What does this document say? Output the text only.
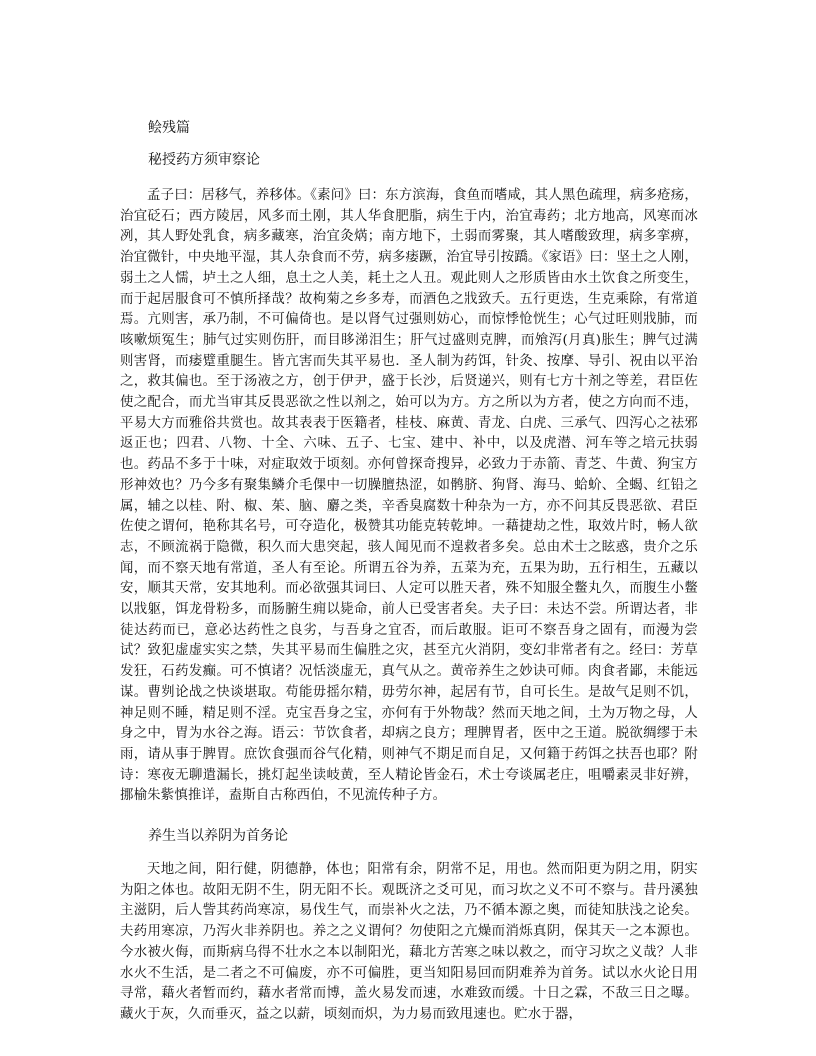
鲙残篇
秘授药方须审察论

孟子曰：居移气，养移体。《素问》曰：东方滨海，食鱼而嗜咸，其人黑色疏理，病多疮疡，治宜砭石；西方陵居，风多而土刚，其人华食肥脂，病生于内，治宜毒药；北方地高，风寒而冰冽，其人野处乳食，病多藏寒，治宜灸焫；南方地下，土弱而雾聚，其人嗜酸致理，病多挛痹，治宜微针，中央地平湿，其人杂食而不劳，病多痿蹶，治宜导引按蹻。《家语》曰：坚土之人刚，弱土之人懦，垆土之人细，息土之人美，耗土之人丑。观此则人之形质皆由水土饮食之所变生，而于起居服食可不慎所择哉？故枸菊之乡多寿，而酒色之戕致夭。五行更迭，生克乘除，有常道焉。亢则害，承乃制，不可偏倚也。是以肾气过强则妨心，而惊悸怆恍生；心气过旺则戕肺，而咳嗽烦冤生；肺气过实则伤肝，而目眵涕泪生；肝气过盛则克脾，而飧泻(月真)胀生；脾气过满则害肾，而痿躄重腿生。皆亢害而失其平易也．圣人制为药饵，针灸、按摩、导引、祝由以平治之，救其偏也。至于汤液之方，创于伊尹，盛于长沙，后贤递兴，则有七方十剂之等差，君臣佐使之配合，而尤当审其反畏恶欲之性以剂之，始可以为方。方之所以为方者，使之方向而不违，平易大方而雅俗共赏也。故其表表于医籍者，桂枝、麻黄、青龙、白虎、三承气、四泻心之祛邪返正也；四君、八物、十全、六味、五子、七宝、建中、补中，以及虎潜、河车等之培元扶弱也。药品不多于十味，对症取效于顷刻。亦何曾探奇搜异，必致力于赤箭、青芝、牛黄、狗宝方形神效也？乃今多有聚集鳞介毛倮中一切臊膻热涩，如鹘脐、狗肾、海马、蛤蚧、全蝎、红铅之属，辅之以桂、附、椒、茱、脑、麝之类，辛香臭腐数十种杂为一方，亦不问其反畏恶欲、君臣佐使之谓何，艳称其名号，可夺造化，极赞其功能克转乾坤。一藉捷劫之性，取效片时，畅人欲志，不顾流祸于隐微，积久而大患突起，骇人闻见而不遑救者多矣。总由术士之眩惑，贵介之乐闻，而不察天地有常道，圣人有至论。所谓五谷为养，五菜为充，五果为助，五行相生，五藏以安，顺其天常，安其地利。而必欲强其词曰、人定可以胜天者，殊不知服全鳖丸久，而腹生小鳖以戕躯，饵龙骨粉多，而肠腑生痈以毙命，前人已受害者矣。夫子曰：未达不尝。所谓达者，非徒达药而已，意必达药性之良劣，与吾身之宜否，而后敢服。讵可不察吾身之固有，而漫为尝试？致犯虚虚实实之禁，失其平易而生偏胜之灾，甚至亢火消阴，变幻非常者有之。经曰：芳草发狂，石药发癫。可不慎诸？况恬淡虚无，真气从之。黄帝养生之妙诀可师。肉食者鄙，未能远谋。曹刿论战之快谈堪取。苟能毋摇尔精，毋劳尔神，起居有节，自可长生。是故气足则不饥，神足则不睡，精足则不淫。克宝吾身之宝，亦何有于外物哉？然而天地之间，土为万物之母，人身之中，胃为水谷之海。语云：节饮食者，却病之良方；理脾胃者，医中之王道。脱欲绸缪于未雨，请从事于脾胃。庶饮食强而谷气化精，则神气不期足而自足，又何籍于药饵之扶吾也耶？附诗：寒夜无聊遣漏长，挑灯起坐读岐黄，至人精论皆金石，术士夸谈属老庄，咀嚼素灵非好辨，挪榆朱紫慎推详，盍斯自古称西伯，不见流传种子方。

养生当以养阴为首务论

天地之间，阳行健，阴德静，体也；阳常有余，阴常不足，用也。然而阳更为阴之用，阴实为阳之体也。故阳无阴不生，阴无阳不长。观既济之爻可见，而习坎之义不可不察与。昔丹溪独主滋阴，后人訾其药尚寒凉，易伐生气，而崇补火之法，乃不循本源之奥，而徒知肤浅之论矣。夫药用寒凉，乃泻火非养阴也。养之之义谓何？勿使阳之亢燥而消烁真阴，保其天一之本源也。今水被火侮，而斯病乌得不壮水之本以制阳光，藉北方苦寒之味以救之，而守习坎之义哉？人非水火不生活，是二者之不可偏废，亦不可偏胜，更当知阳易回而阴难养为首务。试以水火论日用寻常，藉火者暂而约，藉水者常而博，盖火易发而速，水难致而缓。十日之霖，不敌三日之曝。藏火于灰，久而垂灭，益之以薪，顷刻而炽，为力易而致甩速也。贮水于器，
